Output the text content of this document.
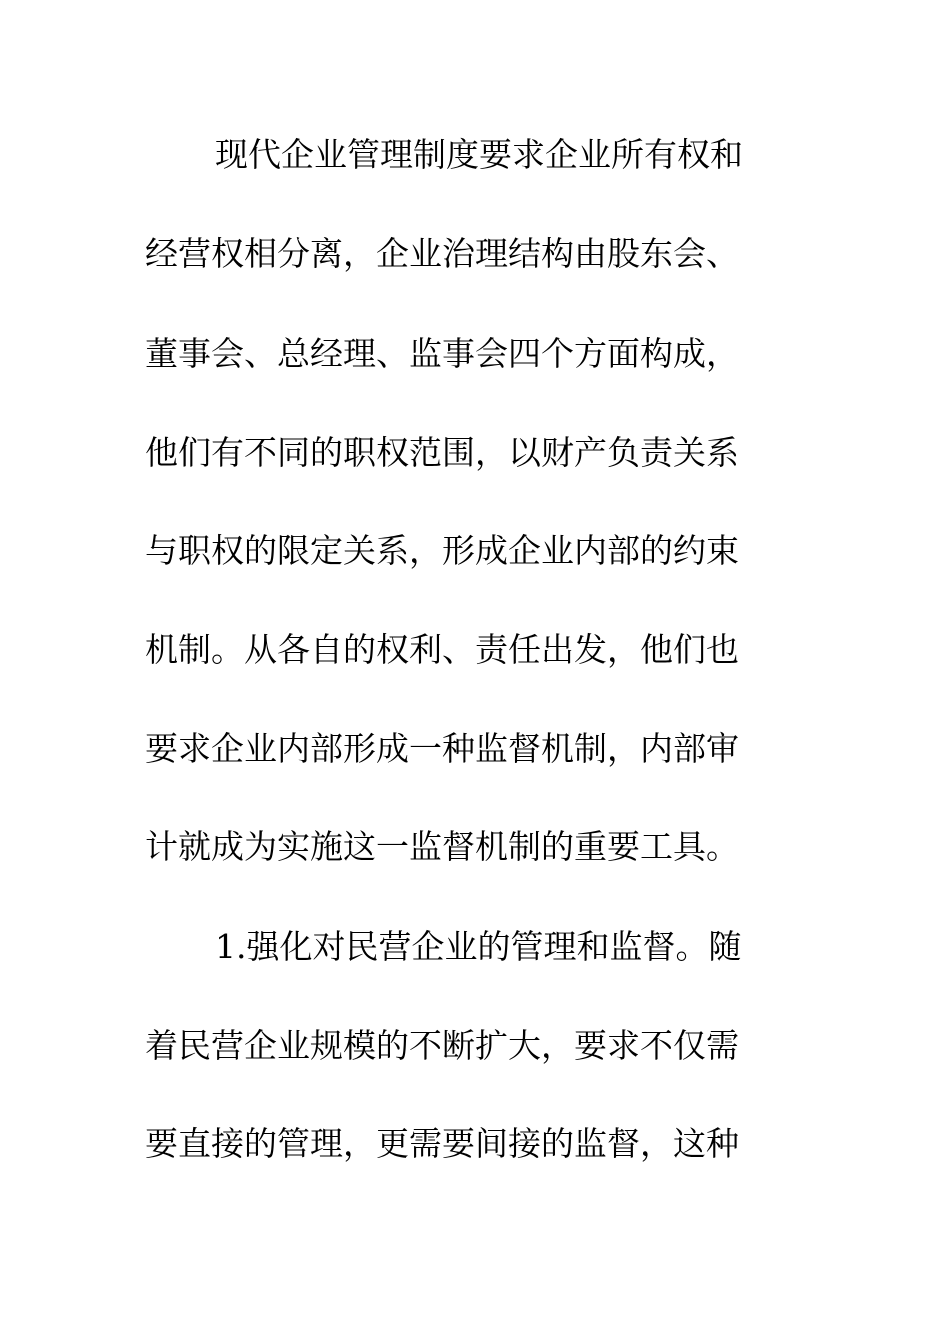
现代企业管理制度要求企业所有权和
经营权相分离，企业治理结构由股东会、
董事会、总经理、监事会四个方面构成，
他们有不同的职权范围，以财产负责关系
与职权的限定关系，形成企业内部的约束
机制。从各自的权利、责任出发，他们也
要求企业内部形成一种监督机制，内部审
计就成为实施这一监督机制的重要工具。
1.强化对民营企业的管理和监督。随
着民营企业规模的不断扩大，要求不仅需
要直接的管理，更需要间接的监督，这种
